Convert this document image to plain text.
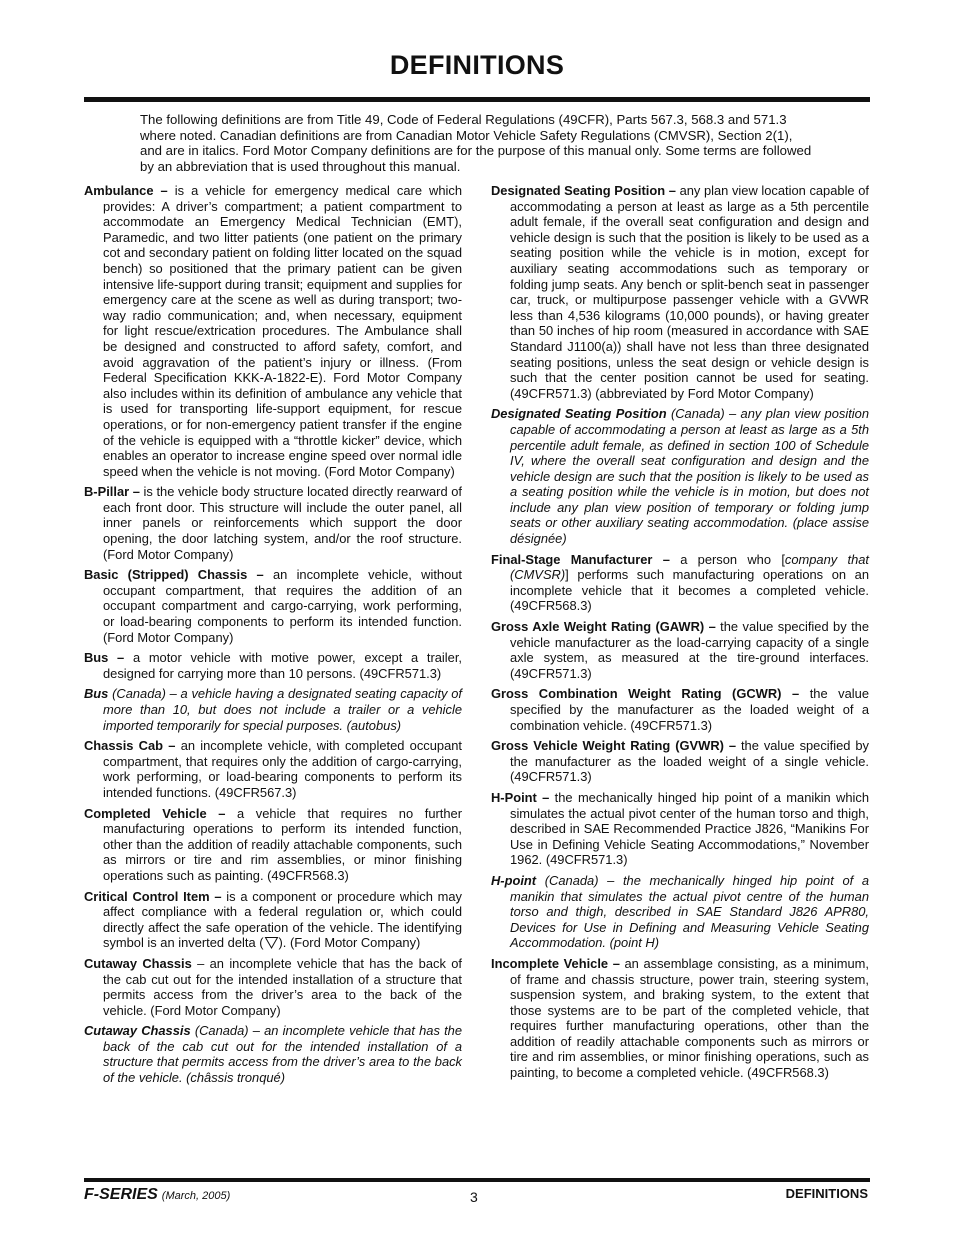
DEFINITIONS

The following definitions are from Title 49, Code of Federal Regulations (49CFR), Parts 567.3, 568.3 and 571.3 where noted. Canadian definitions are from Canadian Motor Vehicle Safety Regulations (CMVSR), Section 2(1), and are in italics. Ford Motor Company definitions are for the purpose of this manual only. Some terms are followed by an abbreviation that is used throughout this manual.

Ambulance – is a vehicle for emergency medical care which provides: A driver’s compartment; a patient compartment to accommodate an Emergency Medical Technician (EMT), Paramedic, and two litter patients (one patient on the primary cot and secondary patient on folding litter located on the squad bench) so positioned that the primary patient can be given intensive life-support during transit; equipment and supplies for emergency care at the scene as well as during transport; two-way radio communication; and, when necessary, equipment for light rescue/extrication procedures. The Ambulance shall be designed and constructed to afford safety, comfort, and avoid aggravation of the patient’s injury or illness. (From Federal Specification KKK-A-1822-E). Ford Motor Company also includes within its definition of ambulance any vehicle that is used for transporting life-support equipment, for rescue operations, or for non-emergency patient transfer if the engine of the vehicle is equipped with a “throttle kicker” device, which enables an operator to increase engine speed over normal idle speed when the vehicle is not moving. (Ford Motor Company)

B-Pillar – is the vehicle body structure located directly rearward of each front door. This structure will include the outer panel, all inner panels or reinforcements which support the door opening, the door latching system, and/or the roof structure. (Ford Motor Company)

Basic (Stripped) Chassis – an incomplete vehicle, without occupant compartment, that requires the addition of an occupant compartment and cargo-carrying, work performing, or load-bearing components to perform its intended function. (Ford Motor Company)

Bus – a motor vehicle with motive power, except a trailer, designed for carrying more than 10 persons. (49CFR571.3)

Bus (Canada) – a vehicle having a designated seating capacity of more than 10, but does not include a trailer or a vehicle imported temporarily for special purposes. (autobus)

Chassis Cab – an incomplete vehicle, with completed occupant compartment, that requires only the addition of cargo-carrying, work performing, or load-bearing components to perform its intended functions. (49CFR567.3)

Completed Vehicle – a vehicle that requires no further manufacturing operations to perform its intended function, other than the addition of readily attachable components, such as mirrors or tire and rim assemblies, or minor finishing operations such as painting. (49CFR568.3)

Critical Control Item – is a component or procedure which may affect compliance with a federal regulation or, which could directly affect the safe operation of the vehicle. The identifying symbol is an inverted delta ( ). (Ford Motor Company)

Cutaway Chassis – an incomplete vehicle that has the back of the cab cut out for the intended installation of a structure that permits access from the driver’s area to the back of the vehicle. (Ford Motor Company)

Cutaway Chassis (Canada) – an incomplete vehicle that has the back of the cab cut out for the intended installation of a structure that permits access from the driver’s area to the back of the vehicle. (châssis tronqué)

Designated Seating Position – any plan view location capable of accommodating a person at least as large as a 5th percentile adult female, if the overall seat configuration and design and vehicle design is such that the position is likely to be used as a seating position while the vehicle is in motion, except for auxiliary seating accommodations such as temporary or folding jump seats. Any bench or split-bench seat in passenger car, truck, or multipurpose passenger vehicle with a GVWR less than 4,536 kilograms (10,000 pounds), or having greater than 50 inches of hip room (measured in accordance with SAE Standard J1100(a)) shall have not less than three designated seating positions, unless the seat design or vehicle design is such that the center position cannot be used for seating. (49CFR571.3) (abbreviated by Ford Motor Company)

Designated Seating Position (Canada) – any plan view position capable of accommodating a person at least as large as a 5th percentile adult female, as defined in section 100 of Schedule IV, where the overall seat configuration and design and the vehicle design are such that the position is likely to be used as a seating position while the vehicle is in motion, but does not include any plan view position of temporary or folding jump seats or other auxiliary seating accommodation. (place assise désignée)

Final-Stage Manufacturer – a person who [company that (CMVSR)] performs such manufacturing operations on an incomplete vehicle that it becomes a completed vehicle. (49CFR568.3)

Gross Axle Weight Rating (GAWR) – the value specified by the vehicle manufacturer as the load-carrying capacity of a single axle system, as measured at the tire-ground interfaces. (49CFR571.3)

Gross Combination Weight Rating (GCWR) – the value specified by the manufacturer as the loaded weight of a combination vehicle. (49CFR571.3)

Gross Vehicle Weight Rating (GVWR) – the value specified by the manufacturer as the loaded weight of a single vehicle. (49CFR571.3)

H-Point – the mechanically hinged hip point of a manikin which simulates the actual pivot center of the human torso and thigh, described in SAE Recommended Practice J826, “Manikins For Use in Defining Vehicle Seating Accommodations,” November 1962. (49CFR571.3)

H-point (Canada) – the mechanically hinged hip point of a manikin that simulates the actual pivot centre of the human torso and thigh, described in SAE Standard J826 APR80, Devices for Use in Defining and Measuring Vehicle Seating Accommodation. (point H)

Incomplete Vehicle – an assemblage consisting, as a minimum, of frame and chassis structure, power train, steering system, suspension system, and braking system, to the extent that those systems are to be part of the completed vehicle, that requires further manufacturing operations, other than the addition of readily attachable components such as mirrors or tire and rim assemblies, or minor finishing operations, such as painting, to become a completed vehicle. (49CFR568.3)

F-SERIES (March, 2005)	3	DEFINITIONS
